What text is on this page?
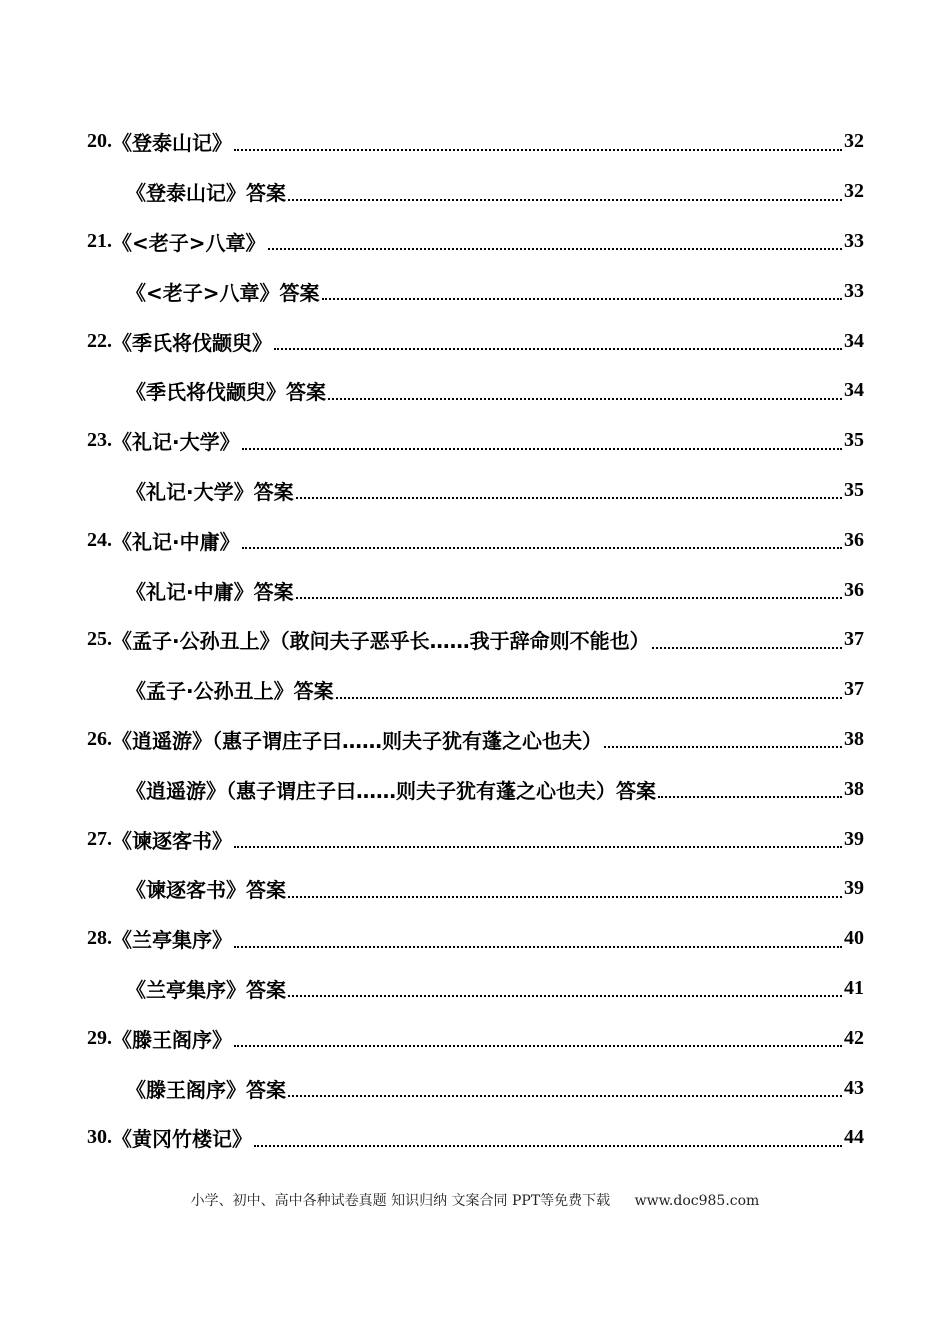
20. 《登泰山记》	32
《登泰山记》答案	32
21. 《<老子>八章》	33
《<老子>八章》答案	33
22. 《季氏将伐颛臾》	34
《季氏将伐颛臾》答案	34
23. 《礼记·大学》	35
《礼记·大学》答案	35
24. 《礼记·中庸》	36
《礼记·中庸》答案	36
25. 《孟子·公孙丑上》（敢问夫子恶乎长……我于辞命则不能也）	37
《孟子·公孙丑上》答案	37
26. 《逍遥游》（惠子谓庄子曰……则夫子犹有蓬之心也夫）	38
《逍遥游》（惠子谓庄子曰……则夫子犹有蓬之心也夫）答案	38
27. 《谏逐客书》	39
《谏逐客书》答案	39
28. 《兰亭集序》	40
《兰亭集序》答案	41
29. 《滕王阁序》	42
《滕王阁序》答案	43
30. 《黄冈竹楼记》	44
小学、初中、高中各种试卷真题 知识归纳 文案合同 PPT等免费下载 www.doc985.com
